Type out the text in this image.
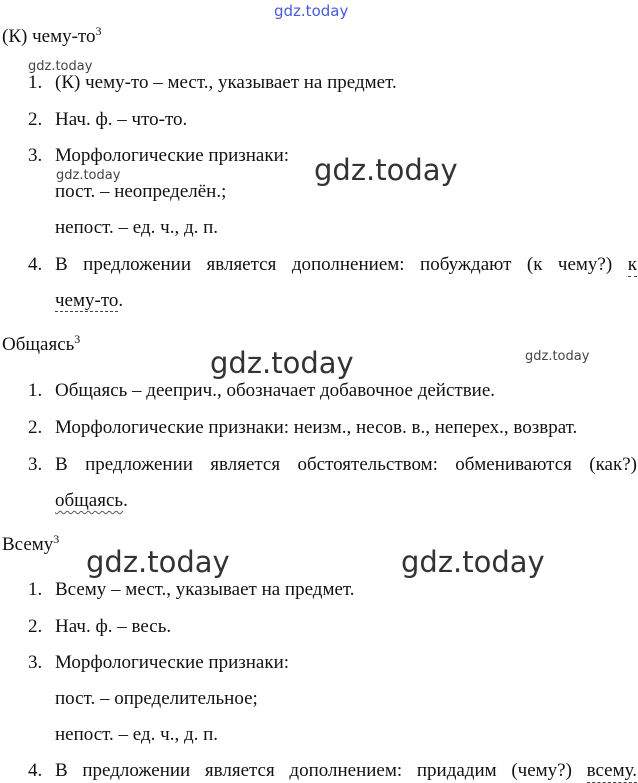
gdz.today
gdz.today
gdz.today	gdz.today
gdz.today	gdz.today
gdz.today	gdz.today
(К) чему-$то^3$
1. (К) чему-то – мест., указывает на предмет.
2. Нач. ф. – что-то.
3. Морфологические признаки:
пост. – неопределён.;
непост. – ед. ч., д. п.
4. В предложении является дополнением: побуждают (к чему?) к
чему-то.
Общаясь$^3$
1. Общаясь – дееприч., обозначает добавочное действие.
2. Морфологические признаки: неизм., несов. в., неперех., возврат.
3. В предложении является обстоятельством: обмениваются (как?)
общаясь.
Всему$^3$
1. Всему – мест., указывает на предмет.
2. Нач. ф. – весь.
3. Морфологические признаки:
пост. – определительное;
непост. – ед. ч., д. п.
4. В предложении является дополнением: придадим (чему?) всему.
